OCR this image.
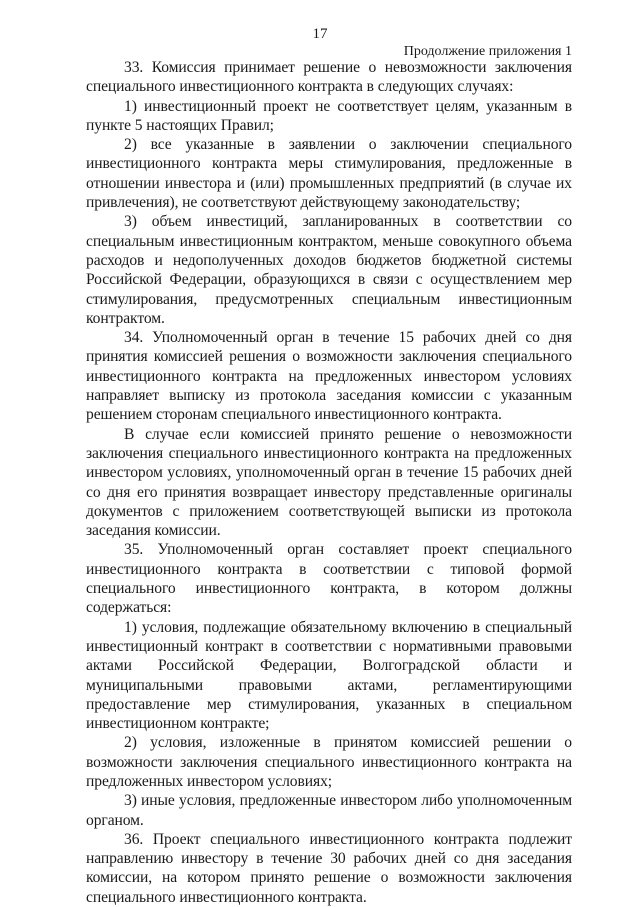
17
Продолжение приложения 1

33. Комиссия принимает решение о невозможности заключения специального инвестиционного контракта в следующих случаях:

1) инвестиционный проект не соответствует целям, указанным в пункте 5 настоящих Правил;

2) все указанные в заявлении о заключении специального инвестиционного контракта меры стимулирования, предложенные в отношении инвестора и (или) промышленных предприятий (в случае их привлечения), не соответствуют действующему законодательству;

3) объем инвестиций, запланированных в соответствии со специальным инвестиционным контрактом, меньше совокупного объема расходов и недополученных доходов бюджетов бюджетной системы Российской Федерации, образующихся в связи с осуществлением мер стимулирования, предусмотренных специальным инвестиционным контрактом.

34. Уполномоченный орган в течение 15 рабочих дней со дня принятия комиссией решения о возможности заключения специального инвестиционного контракта на предложенных инвестором условиях направляет выписку из протокола заседания комиссии с указанным решением сторонам специального инвестиционного контракта.

В случае если комиссией принято решение о невозможности заключения специального инвестиционного контракта на предложенных инвестором условиях, уполномоченный орган в течение 15 рабочих дней со дня его принятия возвращает инвестору представленные оригиналы документов с приложением соответствующей выписки из протокола заседания комиссии.

35. Уполномоченный орган составляет проект специального инвестиционного контракта в соответствии с типовой формой специального инвестиционного контракта, в котором должны содержаться:

1) условия, подлежащие обязательному включению в специальный инвестиционный контракт в соответствии с нормативными правовыми актами Российской Федерации, Волгоградской области и муниципальными правовыми актами, регламентирующими предоставление мер стимулирования, указанных в специальном инвестиционном контракте;

2) условия, изложенные в принятом комиссией решении о возможности заключения специального инвестиционного контракта на предложенных инвестором условиях;

3) иные условия, предложенные инвестором либо уполномоченным органом.

36. Проект специального инвестиционного контракта подлежит направлению инвестору в течение 30 рабочих дней со дня заседания комиссии, на котором принято решение о возможности заключения специального инвестиционного контракта.
